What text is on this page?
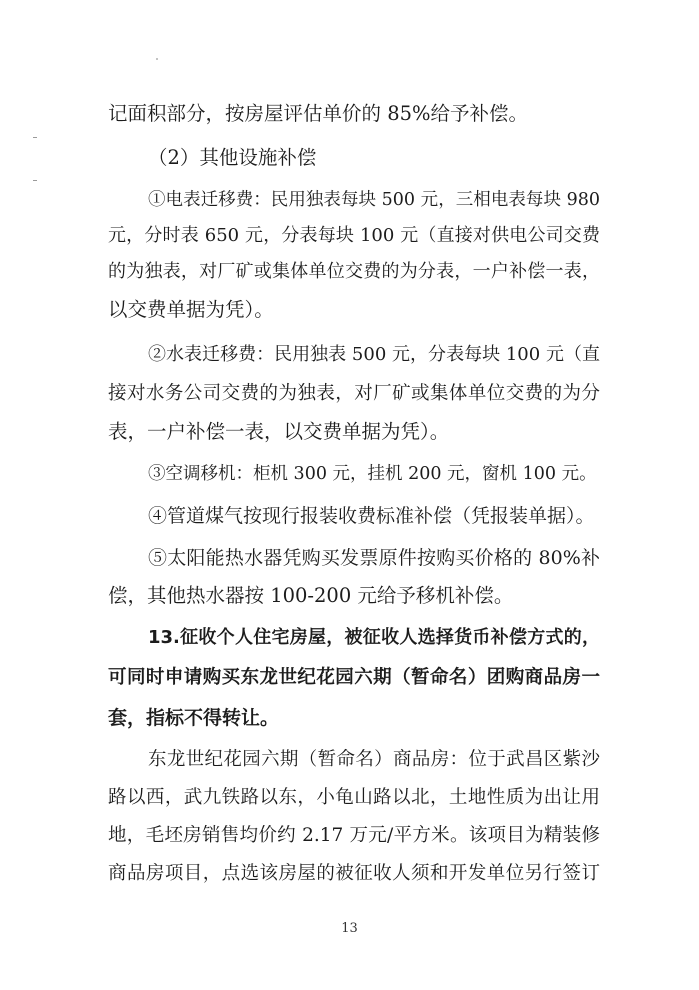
记面积部分，按房屋评估单价的 85%给予补偿。
（2）其他设施补偿
①电表迁移费：民用独表每块 500 元，三相电表每块 980
元，分时表 650 元，分表每块 100 元（直接对供电公司交费
的为独表，对厂矿或集体单位交费的为分表，一户补偿一表，
以交费单据为凭）。
②水表迁移费：民用独表 500 元，分表每块 100 元（直
接对水务公司交费的为独表，对厂矿或集体单位交费的为分
表，一户补偿一表，以交费单据为凭）。
③空调移机：柜机 300 元，挂机 200 元，窗机 100 元。
④管道煤气按现行报装收费标准补偿（凭报装单据）。
⑤太阳能热水器凭购买发票原件按购买价格的 80%补
偿，其他热水器按 100-200 元给予移机补偿。
13.征收个人住宅房屋，被征收人选择货币补偿方式的，
可同时申请购买东龙世纪花园六期（暂命名）团购商品房一
套，指标不得转让。
东龙世纪花园六期（暂命名）商品房：位于武昌区紫沙
路以西，武九铁路以东，小龟山路以北，土地性质为出让用
地，毛坯房销售均价约 2.17 万元/平方米。该项目为精装修
商品房项目，点选该房屋的被征收人须和开发单位另行签订
13
